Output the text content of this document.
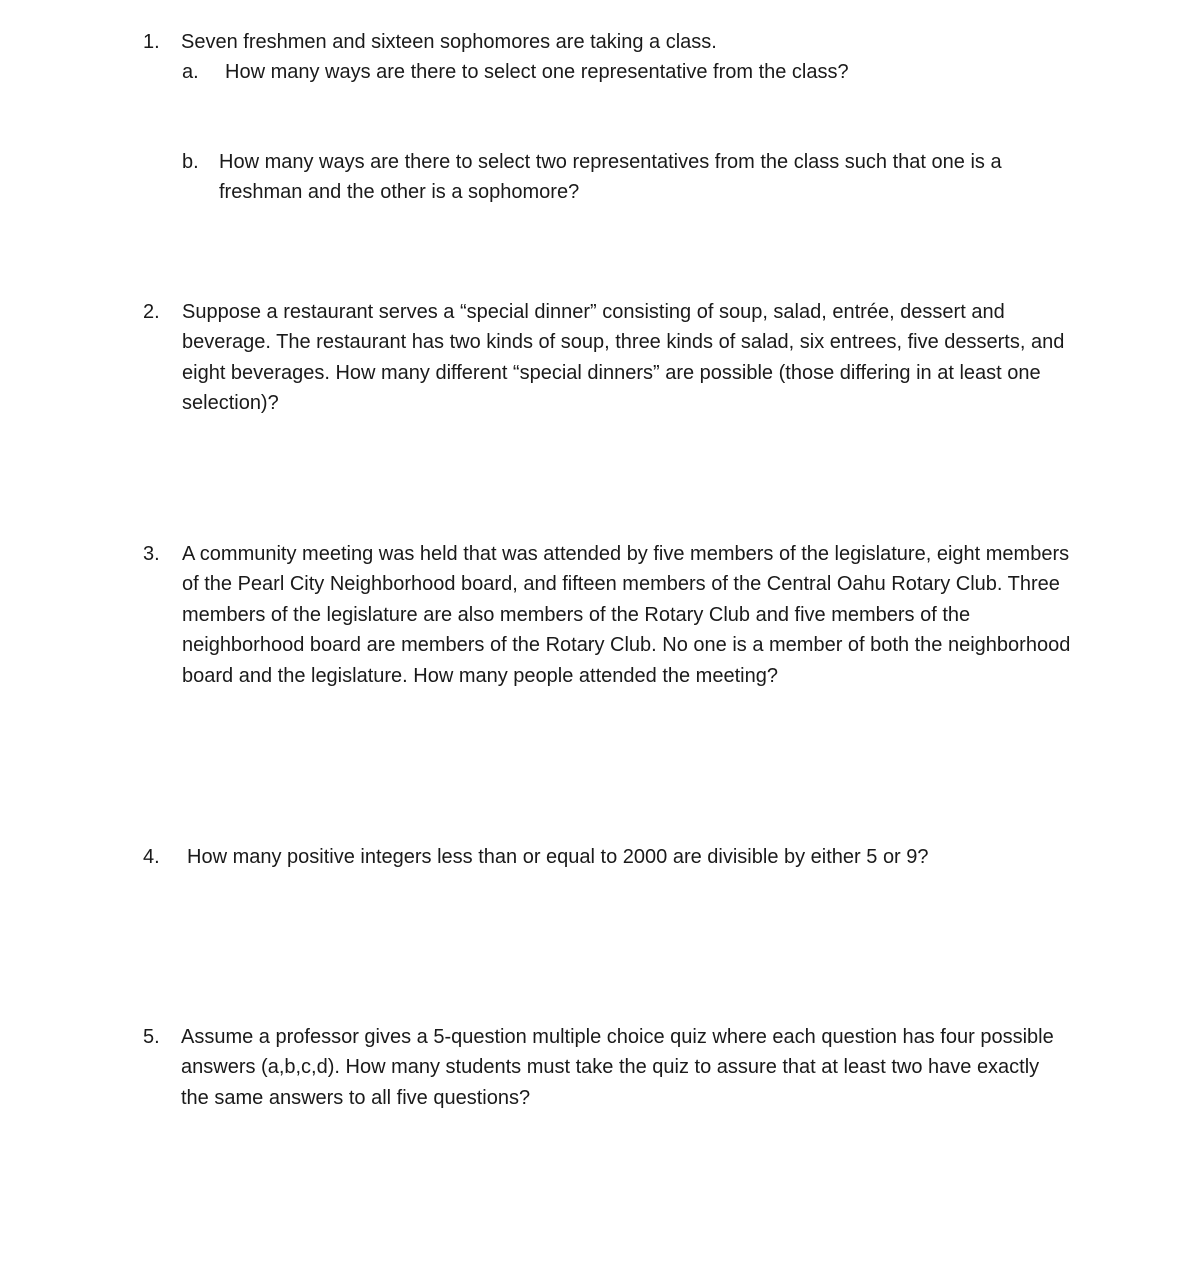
1. Seven freshmen and sixteen sophomores are taking a class.
a. How many ways are there to select one representative from the class?
b. How many ways are there to select two representatives from the class such that one is a freshman and the other is a sophomore?
2. Suppose a restaurant serves a “special dinner” consisting of soup, salad, entrée, dessert and beverage. The restaurant has two kinds of soup, three kinds of salad, six entrees, five desserts, and eight beverages. How many different “special dinners” are possible (those differing in at least one selection)?
3. A community meeting was held that was attended by five members of the legislature, eight members of the Pearl City Neighborhood board, and fifteen members of the Central Oahu Rotary Club. Three members of the legislature are also members of the Rotary Club and five members of the neighborhood board are members of the Rotary Club. No one is a member of both the neighborhood board and the legislature. How many people attended the meeting?
4. How many positive integers less than or equal to 2000 are divisible by either 5 or 9?
5. Assume a professor gives a 5-question multiple choice quiz where each question has four possible answers (a,b,c,d). How many students must take the quiz to assure that at least two have exactly the same answers to all five questions?
